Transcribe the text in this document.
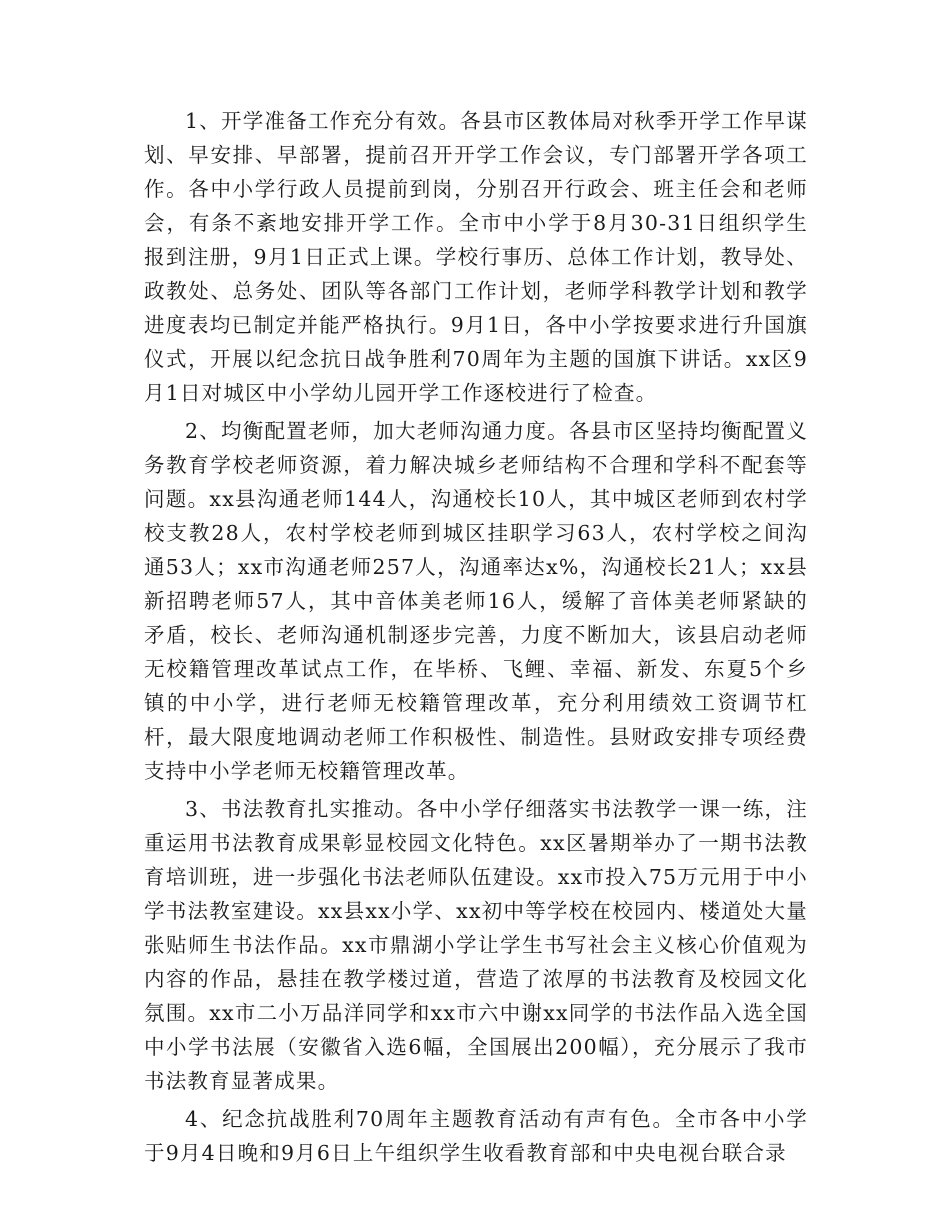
1、开学准备工作充分有效。各县市区教体局对秋季开学工作早谋划、早安排、早部署，提前召开开学工作会议，专门部署开学各项工作。各中小学行政人员提前到岗，分别召开行政会、班主任会和老师会，有条不紊地安排开学工作。全市中小学于8月30-31日组织学生报到注册，9月1日正式上课。学校行事历、总体工作计划，教导处、政教处、总务处、团队等各部门工作计划，老师学科教学计划和教学进度表均已制定并能严格执行。9月1日，各中小学按要求进行升国旗仪式，开展以纪念抗日战争胜利70周年为主题的国旗下讲话。xx区9月1日对城区中小学幼儿园开学工作逐校进行了检查。

2、均衡配置老师，加大老师沟通力度。各县市区坚持均衡配置义务教育学校老师资源，着力解决城乡老师结构不合理和学科不配套等问题。xx县沟通老师144人，沟通校长10人，其中城区老师到农村学校支教28人，农村学校老师到城区挂职学习63人，农村学校之间沟通53人；xx市沟通老师257人，沟通率达x%，沟通校长21人；xx县新招聘老师57人，其中音体美老师16人，缓解了音体美老师紧缺的矛盾，校长、老师沟通机制逐步完善，力度不断加大，该县启动老师无校籍管理改革试点工作，在毕桥、飞鲤、幸福、新发、东夏5个乡镇的中小学，进行老师无校籍管理改革，充分利用绩效工资调节杠杆，最大限度地调动老师工作积极性、制造性。县财政安排专项经费支持中小学老师无校籍管理改革。

3、书法教育扎实推动。各中小学仔细落实书法教学一课一练，注重运用书法教育成果彰显校园文化特色。xx区暑期举办了一期书法教育培训班，进一步强化书法老师队伍建设。xx市投入75万元用于中小学书法教室建设。xx县xx小学、xx初中等学校在校园内、楼道处大量张贴师生书法作品。xx市鼎湖小学让学生书写社会主义核心价值观为内容的作品，悬挂在教学楼过道，营造了浓厚的书法教育及校园文化氛围。xx市二小万品洋同学和xx市六中谢xx同学的书法作品入选全国中小学书法展（安徽省入选6幅，全国展出200幅），充分展示了我市书法教育显著成果。

4、纪念抗战胜利70周年主题教育活动有声有色。全市各中小学于9月4日晚和9月6日上午组织学生收看教育部和中央电视台联合录
